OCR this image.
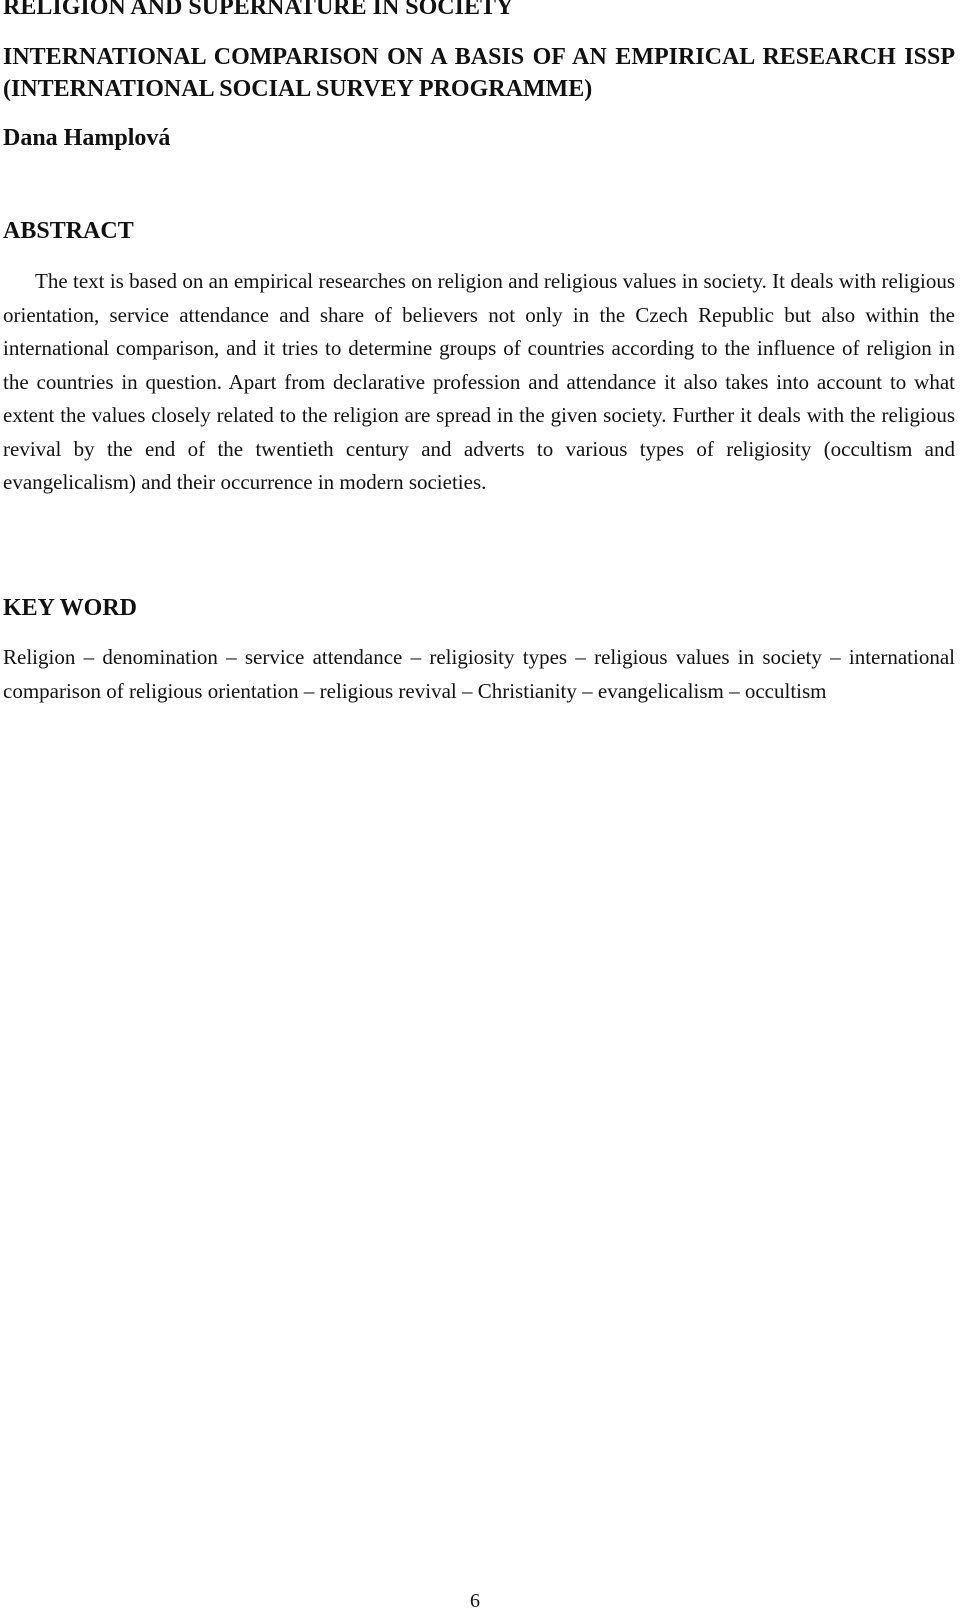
RELIGION AND SUPERNATURE IN SOCIETY
INTERNATIONAL COMPARISON ON A BASIS OF AN EMPIRICAL RESEARCH ISSP (INTERNATIONAL SOCIAL SURVEY PROGRAMME)
Dana Hamplová
ABSTRACT

The text is based on an empirical researches on religion and religious values in society. It deals with religious orientation, service attendance and share of believers not only in the Czech Republic but also within the international comparison, and it tries to determine groups of countries according to the influence of religion in the countries in question. Apart from declarative profession and attendance it also takes into account to what extent the values closely related to the religion are spread in the given society. Further it deals with the religious revival by the end of the twentieth century and adverts to various types of religiosity (occultism and evangelicalism) and their occurrence in modern societies.

KEY WORD

Religion – denomination – service attendance – religiosity types – religious values in society – international comparison of religious orientation – religious revival – Christianity – evangelicalism – occultism

6
